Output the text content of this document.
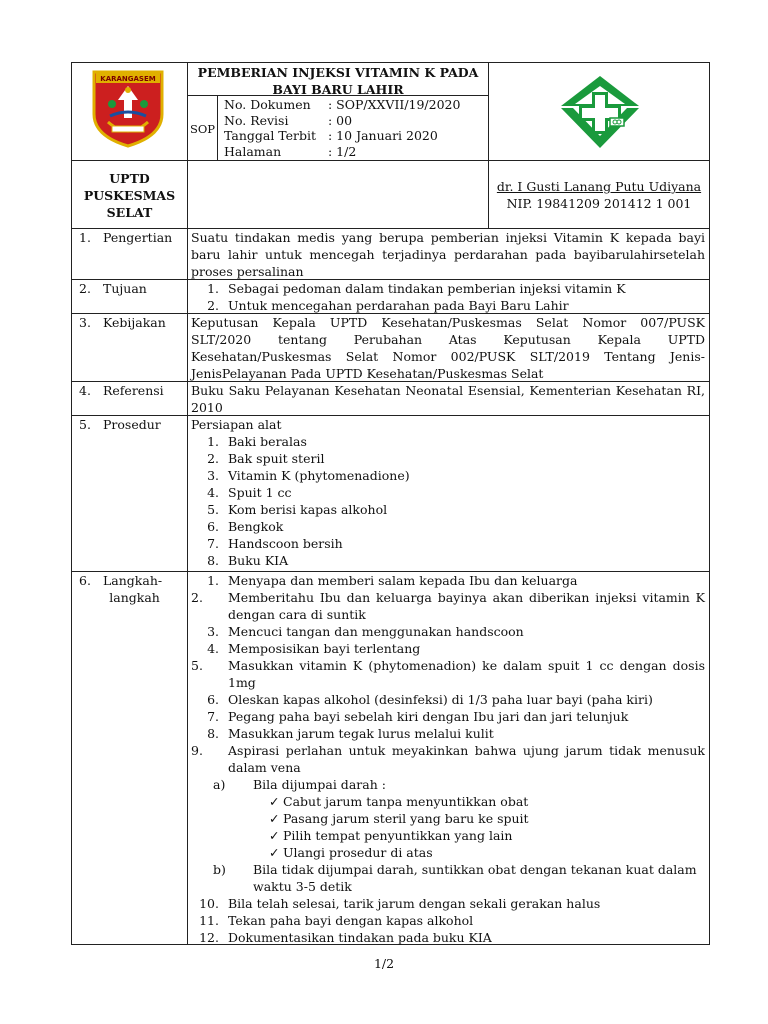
KARANGASEM	PEMBERIAN INJEKSI VITAMIN K PADA
BAYI BARU LAHIR
SOP
No. Dokumen : SOP/XXVII/19/2020
No. Revisi	: 00
Tanggal Terbit : 10 Januari 2020
Halaman	: 1/2
UPTD
PUSKESMAS
SELAT
dr. I Gusti Lanang Putu Udiyana
NIP. 19841209 201412 1 001
1. Pengertian Suatu tindakan medis yang berupa pemberian injeksi Vitamin K kepada bayi baru lahir untuk mencegah terjadinya perdarahan pada bayibarulahirsetelah proses persalinan
2. Tujuan	1. Sebagai pedoman dalam tindakan pemberian injeksi vitamin K
2. Untuk mencegahan perdarahan pada Bayi Baru Lahir
3. Kebijakan Keputusan Kepala UPTD Kesehatan/Puskesmas Selat Nomor 007/PUSK SLT/2020 tentang Perubahan Atas Keputusan Kepala UPTD Kesehatan/Puskesmas Selat Nomor 002/PUSK SLT/2019 Tentang Jenis-JenisPelayanan Pada UPTD Kesehatan/Puskesmas Selat
4. Referensi Buku Saku Pelayanan Kesehatan Neonatal Esensial, Kementerian Kesehatan RI, 2010
5. Prosedur Persiapan alat
1. Baki beralas
2. Bak spuit steril
3. Vitamin K (phytomenadione)
4. Spuit 1 cc
5. Kom berisi kapas alkohol
6. Bengkok
7. Handscoon bersih
8. Buku KIA
6. Langkah-
langkah
1. Menyapa dan memberi salam kepada Ibu dan keluarga
2.	Memberitahu Ibu dan keluarga bayinya akan diberikan injeksi vitamin K dengan cara di suntik
3. Mencuci tangan dan menggunakan handscoon
4. Memposisikan bayi terlentang
5.	Masukkan vitamin K (phytomenadion) ke dalam spuit 1 cc dengan dosis 1mg
6. Oleskan kapas alkohol (desinfeksi) di 1/3 paha luar bayi (paha kiri)
7. Pegang paha bayi sebelah kiri dengan Ibu jari dan jari telunjuk
8. Masukkan jarum tegak lurus melalui kulit
9.	Aspirasi perlahan untuk meyakinkan bahwa ujung jarum tidak menusuk dalam vena
a) Bila dijumpai darah :
✓ Cabut jarum tanpa menyuntikkan obat
✓ Pasang jarum steril yang baru ke spuit
✓ Pilih tempat penyuntikkan yang lain
✓ Ulangi prosedur di atas
b) Bila tidak dijumpai darah, suntikkan obat dengan tekanan kuat dalam waktu 3-5 detik
10. Bila telah selesai, tarik jarum dengan sekali gerakan halus
11. Tekan paha bayi dengan kapas alkohol
12. Dokumentasikan tindakan pada buku KIA
1/2
